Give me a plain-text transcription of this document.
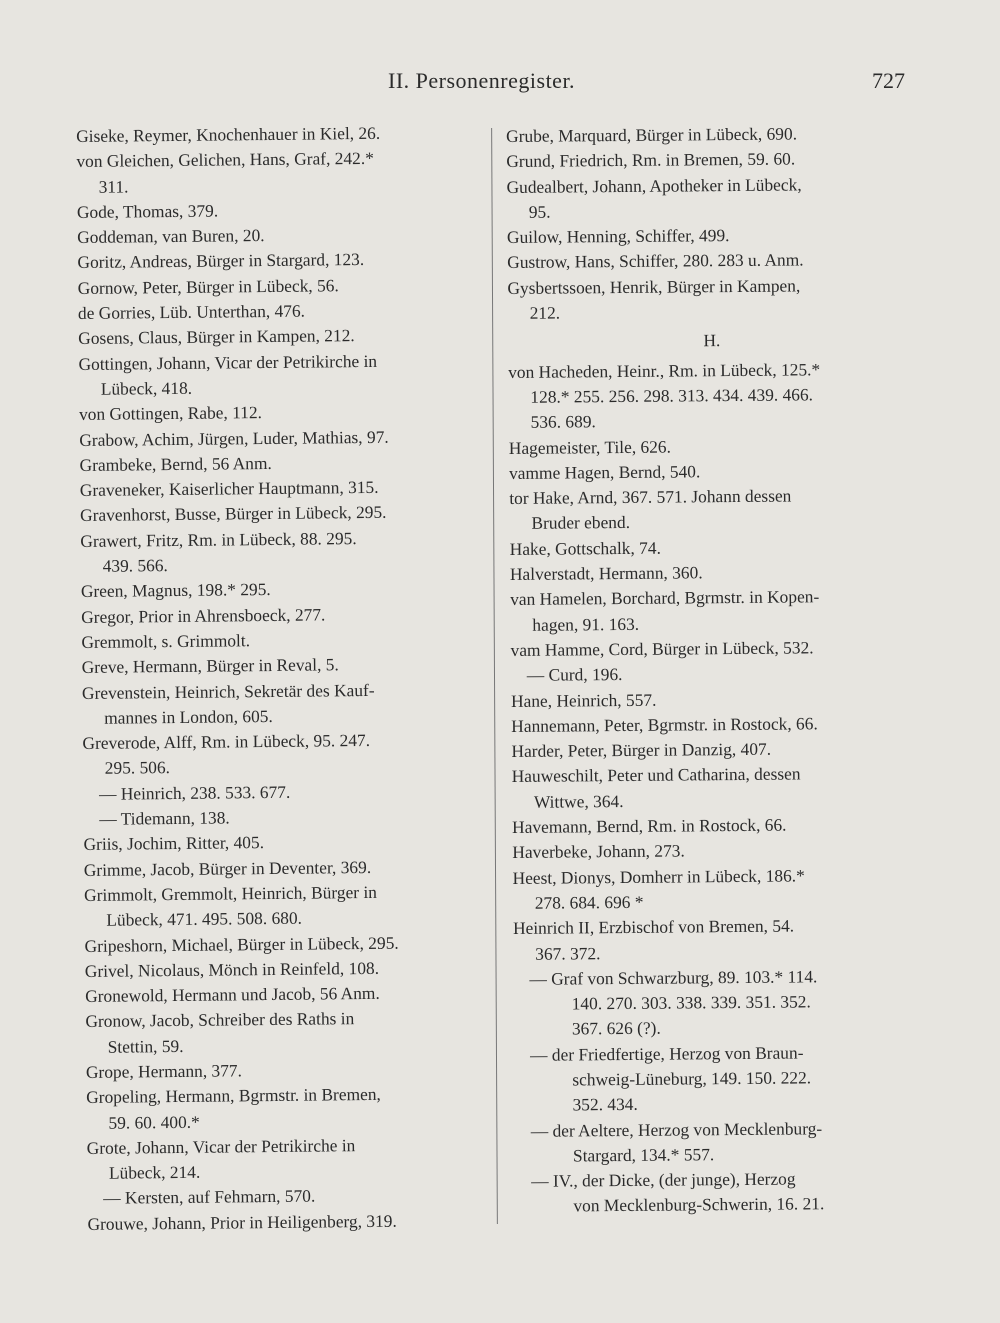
II. Personenregister.	727
Giseke, Reymer, Knochenhauer in Kiel, 26.
von Gleichen, Gelichen, Hans, Graf, 242.*
311.
Gode, Thomas, 379.
Goddeman, van Buren, 20.
Goritz, Andreas, Bürger in Stargard, 123.
Gornow, Peter, Bürger in Lübeck, 56.
de Gorries, Lüb. Unterthan, 476.
Gosens, Claus, Bürger in Kampen, 212.
Gottingen, Johann, Vicar der Petrikirche in
Lübeck, 418.
von Gottingen, Rabe, 112.
Grabow, Achim, Jürgen, Luder, Mathias, 97.
Grambeke, Bernd, 56 Anm.
Graveneker, Kaiserlicher Hauptmann, 315.
Gravenhorst, Busse, Bürger in Lübeck, 295.
Grawert, Fritz, Rm. in Lübeck, 88. 295.
439. 566.
Green, Magnus, 198.* 295.
Gregor, Prior in Ahrensboeck, 277.
Gremmolt, s. Grimmolt.
Greve, Hermann, Bürger in Reval, 5.
Grevenstein, Heinrich, Sekretär des Kauf-
mannes in London, 605.
Greverode, Alff, Rm. in Lübeck, 95. 247.
295. 506.
— Heinrich, 238. 533. 677.
— Tidemann, 138.
Griis, Jochim, Ritter, 405.
Grimme, Jacob, Bürger in Deventer, 369.
Grimmolt, Gremmolt, Heinrich, Bürger in
Lübeck, 471. 495. 508. 680.
Gripeshorn, Michael, Bürger in Lübeck, 295.
Grivel, Nicolaus, Mönch in Reinfeld, 108.
Gronewold, Hermann und Jacob, 56 Anm.
Gronow, Jacob, Schreiber des Raths in
Stettin, 59.
Grope, Hermann, 377.
Gropeling, Hermann, Bgrmstr. in Bremen,
59. 60. 400.*
Grote, Johann, Vicar der Petrikirche in
Lübeck, 214.
— Kersten, auf Fehmarn, 570.
Grouwe, Johann, Prior in Heiligenberg, 319.
Grube, Marquard, Bürger in Lübeck, 690.
Grund, Friedrich, Rm. in Bremen, 59. 60.
Gudealbert, Johann, Apotheker in Lübeck,
95.
Guilow, Henning, Schiffer, 499.
Gustrow, Hans, Schiffer, 280. 283 u. Anm.
Gysbertssoen, Henrik, Bürger in Kampen,
212.
H.
von Hacheden, Heinr., Rm. in Lübeck, 125.*
128.* 255. 256. 298. 313. 434. 439. 466.
536. 689.
Hagemeister, Tile, 626.
vamme Hagen, Bernd, 540.
tor Hake, Arnd, 367. 571. Johann dessen
Bruder ebend.
Hake, Gottschalk, 74.
Halverstadt, Hermann, 360.
van Hamelen, Borchard, Bgrmstr. in Kopen-
hagen, 91. 163.
vam Hamme, Cord, Bürger in Lübeck, 532.
— Curd, 196.
Hane, Heinrich, 557.
Hannemann, Peter, Bgrmstr. in Rostock, 66.
Harder, Peter, Bürger in Danzig, 407.
Hauweschilt, Peter und Catharina, dessen
Wittwe, 364.
Havemann, Bernd, Rm. in Rostock, 66.
Haverbeke, Johann, 273.
Heest, Dionys, Domherr in Lübeck, 186.*
278. 684. 696 *
Heinrich II, Erzbischof von Bremen, 54.
367. 372.
— Graf von Schwarzburg, 89. 103.* 114.
140. 270. 303. 338. 339. 351. 352.
367. 626 (?).
— der Friedfertige, Herzog von Braun-
schweig-Lüneburg, 149. 150. 222.
352. 434.
— der Aeltere, Herzog von Mecklenburg-
Stargard, 134.* 557.
— IV., der Dicke, (der junge), Herzog
von Mecklenburg-Schwerin, 16. 21.
